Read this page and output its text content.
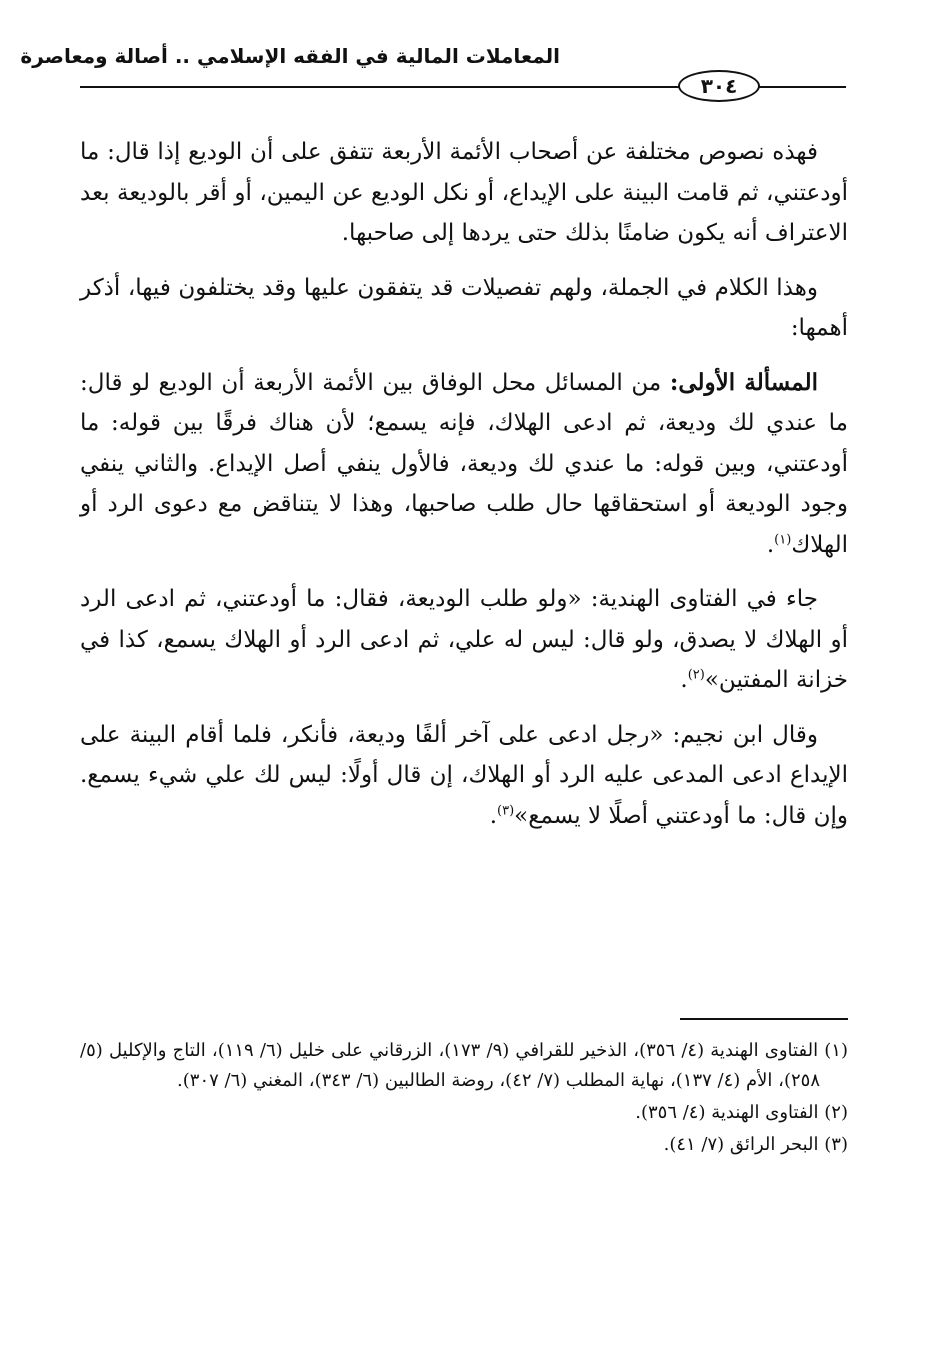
المعاملات المالية في الفقه الإسلامي .. أصالة ومعاصرة
٣٠٤

فهذه نصوص مختلفة عن أصحاب الأئمة الأربعة تتفق على أن الوديع إذا قال: ما أودعتني، ثم قامت البينة على الإيداع، أو نكل الوديع عن اليمين، أو أقر بالوديعة بعد الاعتراف أنه يكون ضامنًا بذلك حتى يردها إلى صاحبها.

وهذا الكلام في الجملة، ولهم تفصيلات قد يتفقون عليها وقد يختلفون فيها، أذكر أهمها:

المسألة الأولى: من المسائل محل الوفاق بين الأئمة الأربعة أن الوديع لو قال: ما عندي لك وديعة، ثم ادعى الهلاك، فإنه يسمع؛ لأن هناك فرقًا بين قوله: ما أودعتني، وبين قوله: ما عندي لك وديعة، فالأول ينفي أصل الإيداع. والثاني ينفي وجود الوديعة أو استحقاقها حال طلب صاحبها، وهذا لا يتناقض مع دعوى الرد أو الهلاك$^{(١)}$.

جاء في الفتاوى الهندية: «ولو طلب الوديعة، فقال: ما أودعتني، ثم ادعى الرد أو الهلاك لا يصدق، ولو قال: ليس له علي، ثم ادعى الرد أو الهلاك يسمع، كذا في خزانة المفتين»$^{(٢)}$.

وقال ابن نجيم: «رجل ادعى على آخر ألفًا وديعة، فأنكر، فلما أقام البينة على الإيداع ادعى المدعى عليه الرد أو الهلاك، إن قال أولًا: ليس لك علي شيء يسمع. وإن قال: ما أودعتني أصلًا لا يسمع»$^{(٣)}$.

(١) الفتاوى الهندية (٤/ ٣٥٦)، الذخير للقرافي (٩/ ١٧٣)، الزرقاني على خليل (٦/ ١١٩)، التاج والإكليل (٥/ ٢٥٨)، الأم (٤/ ١٣٧)، نهاية المطلب (٧/ ٤٢)، روضة الطالبين (٦/ ٣٤٣)، المغني (٦/ ٣٠٧).

(٢) الفتاوى الهندية (٤/ ٣٥٦).

(٣) البحر الرائق (٧/ ٤١).
